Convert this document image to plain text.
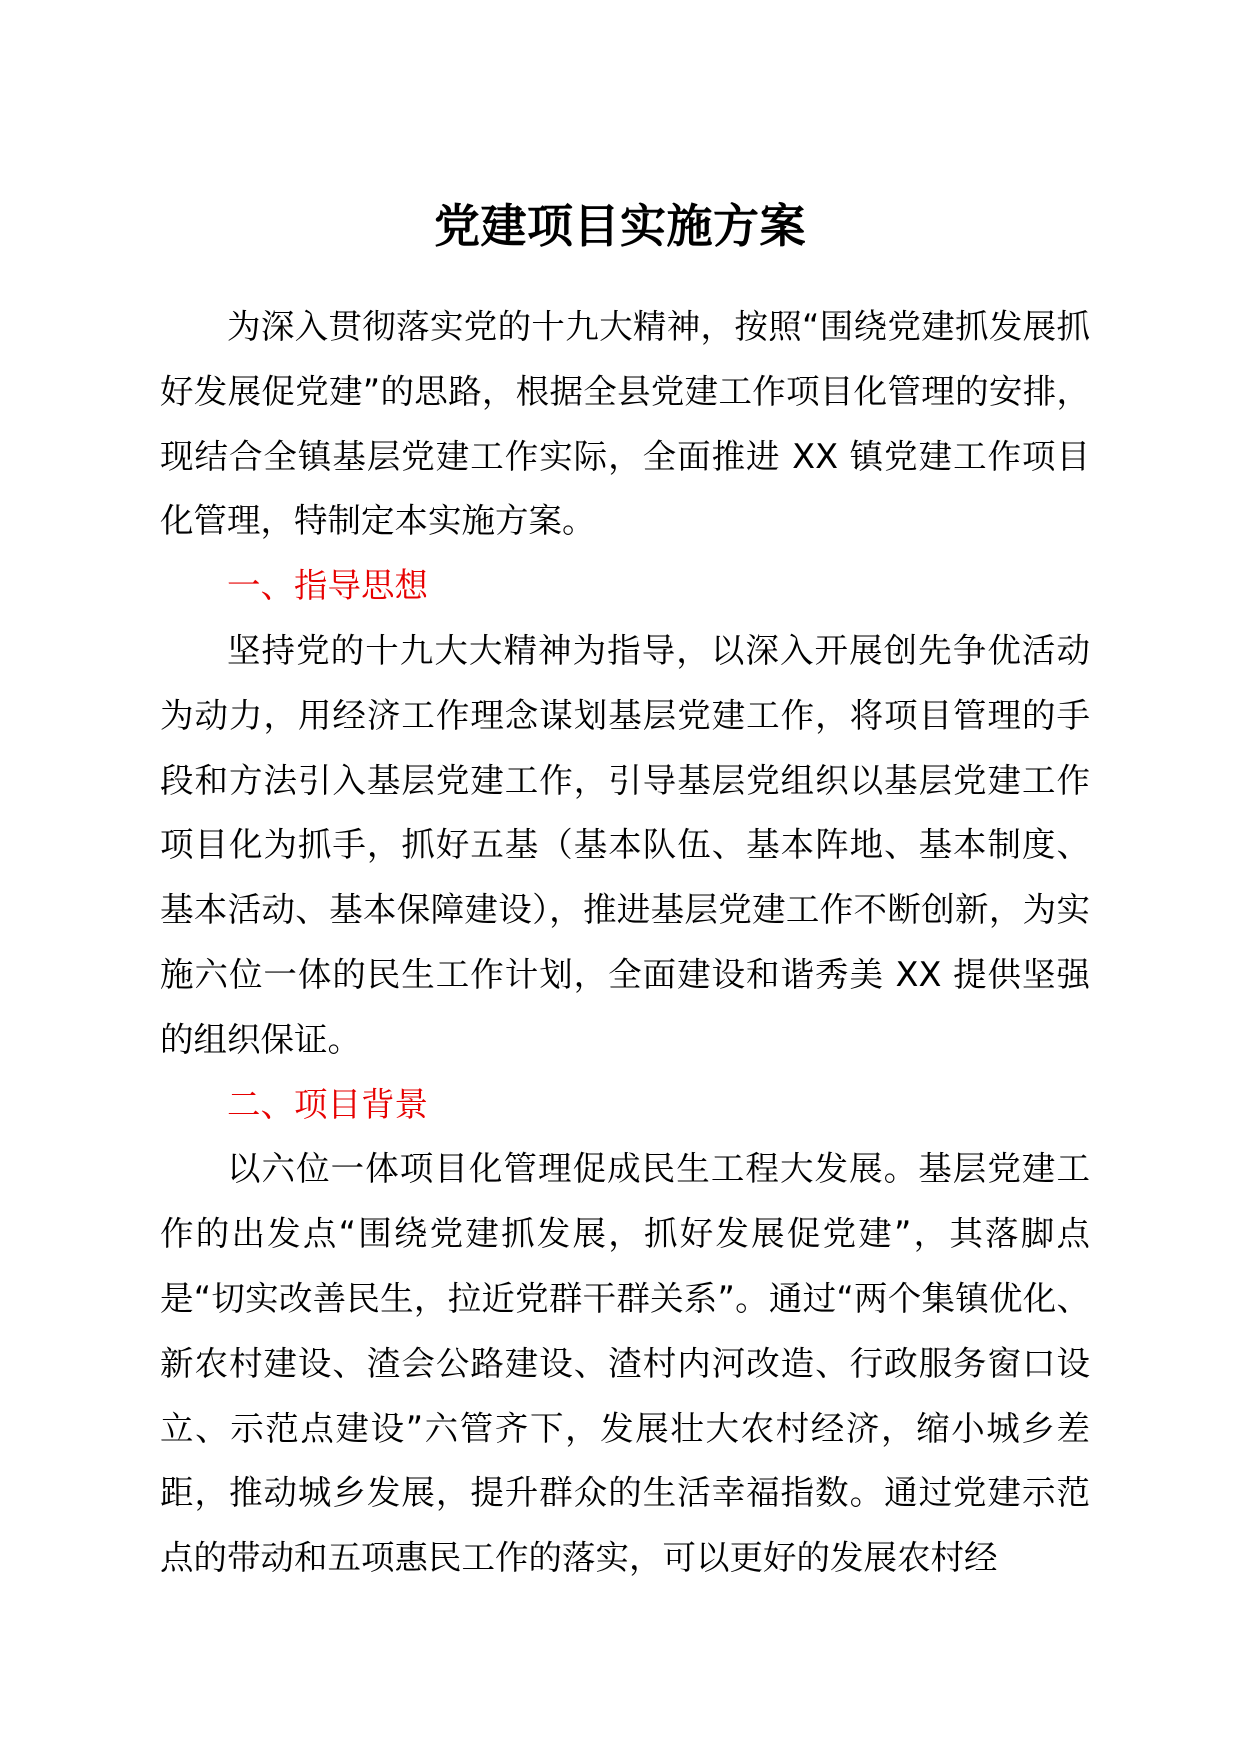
党建项目实施方案

为深入贯彻落实党的十九大精神，按照“围绕党建抓发展抓好发展促党建”的思路，根据全县党建工作项目化管理的安排，现结合全镇基层党建工作实际，全面推进 XX 镇党建工作项目化管理，特制定本实施方案。

一、指导思想

坚持党的十九大大精神为指导，以深入开展创先争优活动为动力，用经济工作理念谋划基层党建工作，将项目管理的手段和方法引入基层党建工作，引导基层党组织以基层党建工作项目化为抓手，抓好五基（基本队伍、基本阵地、基本制度、基本活动、基本保障建设），推进基层党建工作不断创新，为实施六位一体的民生工作计划，全面建设和谐秀美 XX 提供坚强的组织保证。

二、项目背景

以六位一体项目化管理促成民生工程大发展。基层党建工作的出发点“围绕党建抓发展，抓好发展促党建”，其落脚点是“切实改善民生，拉近党群干群关系”。通过“两个集镇优化、新农村建设、渣会公路建设、渣村内河改造、行政服务窗口设立、示范点建设”六管齐下，发展壮大农村经济，缩小城乡差距，推动城乡发展，提升群众的生活幸福指数。通过党建示范点的带动和五项惠民工作的落实，可以更好的发展农村经
